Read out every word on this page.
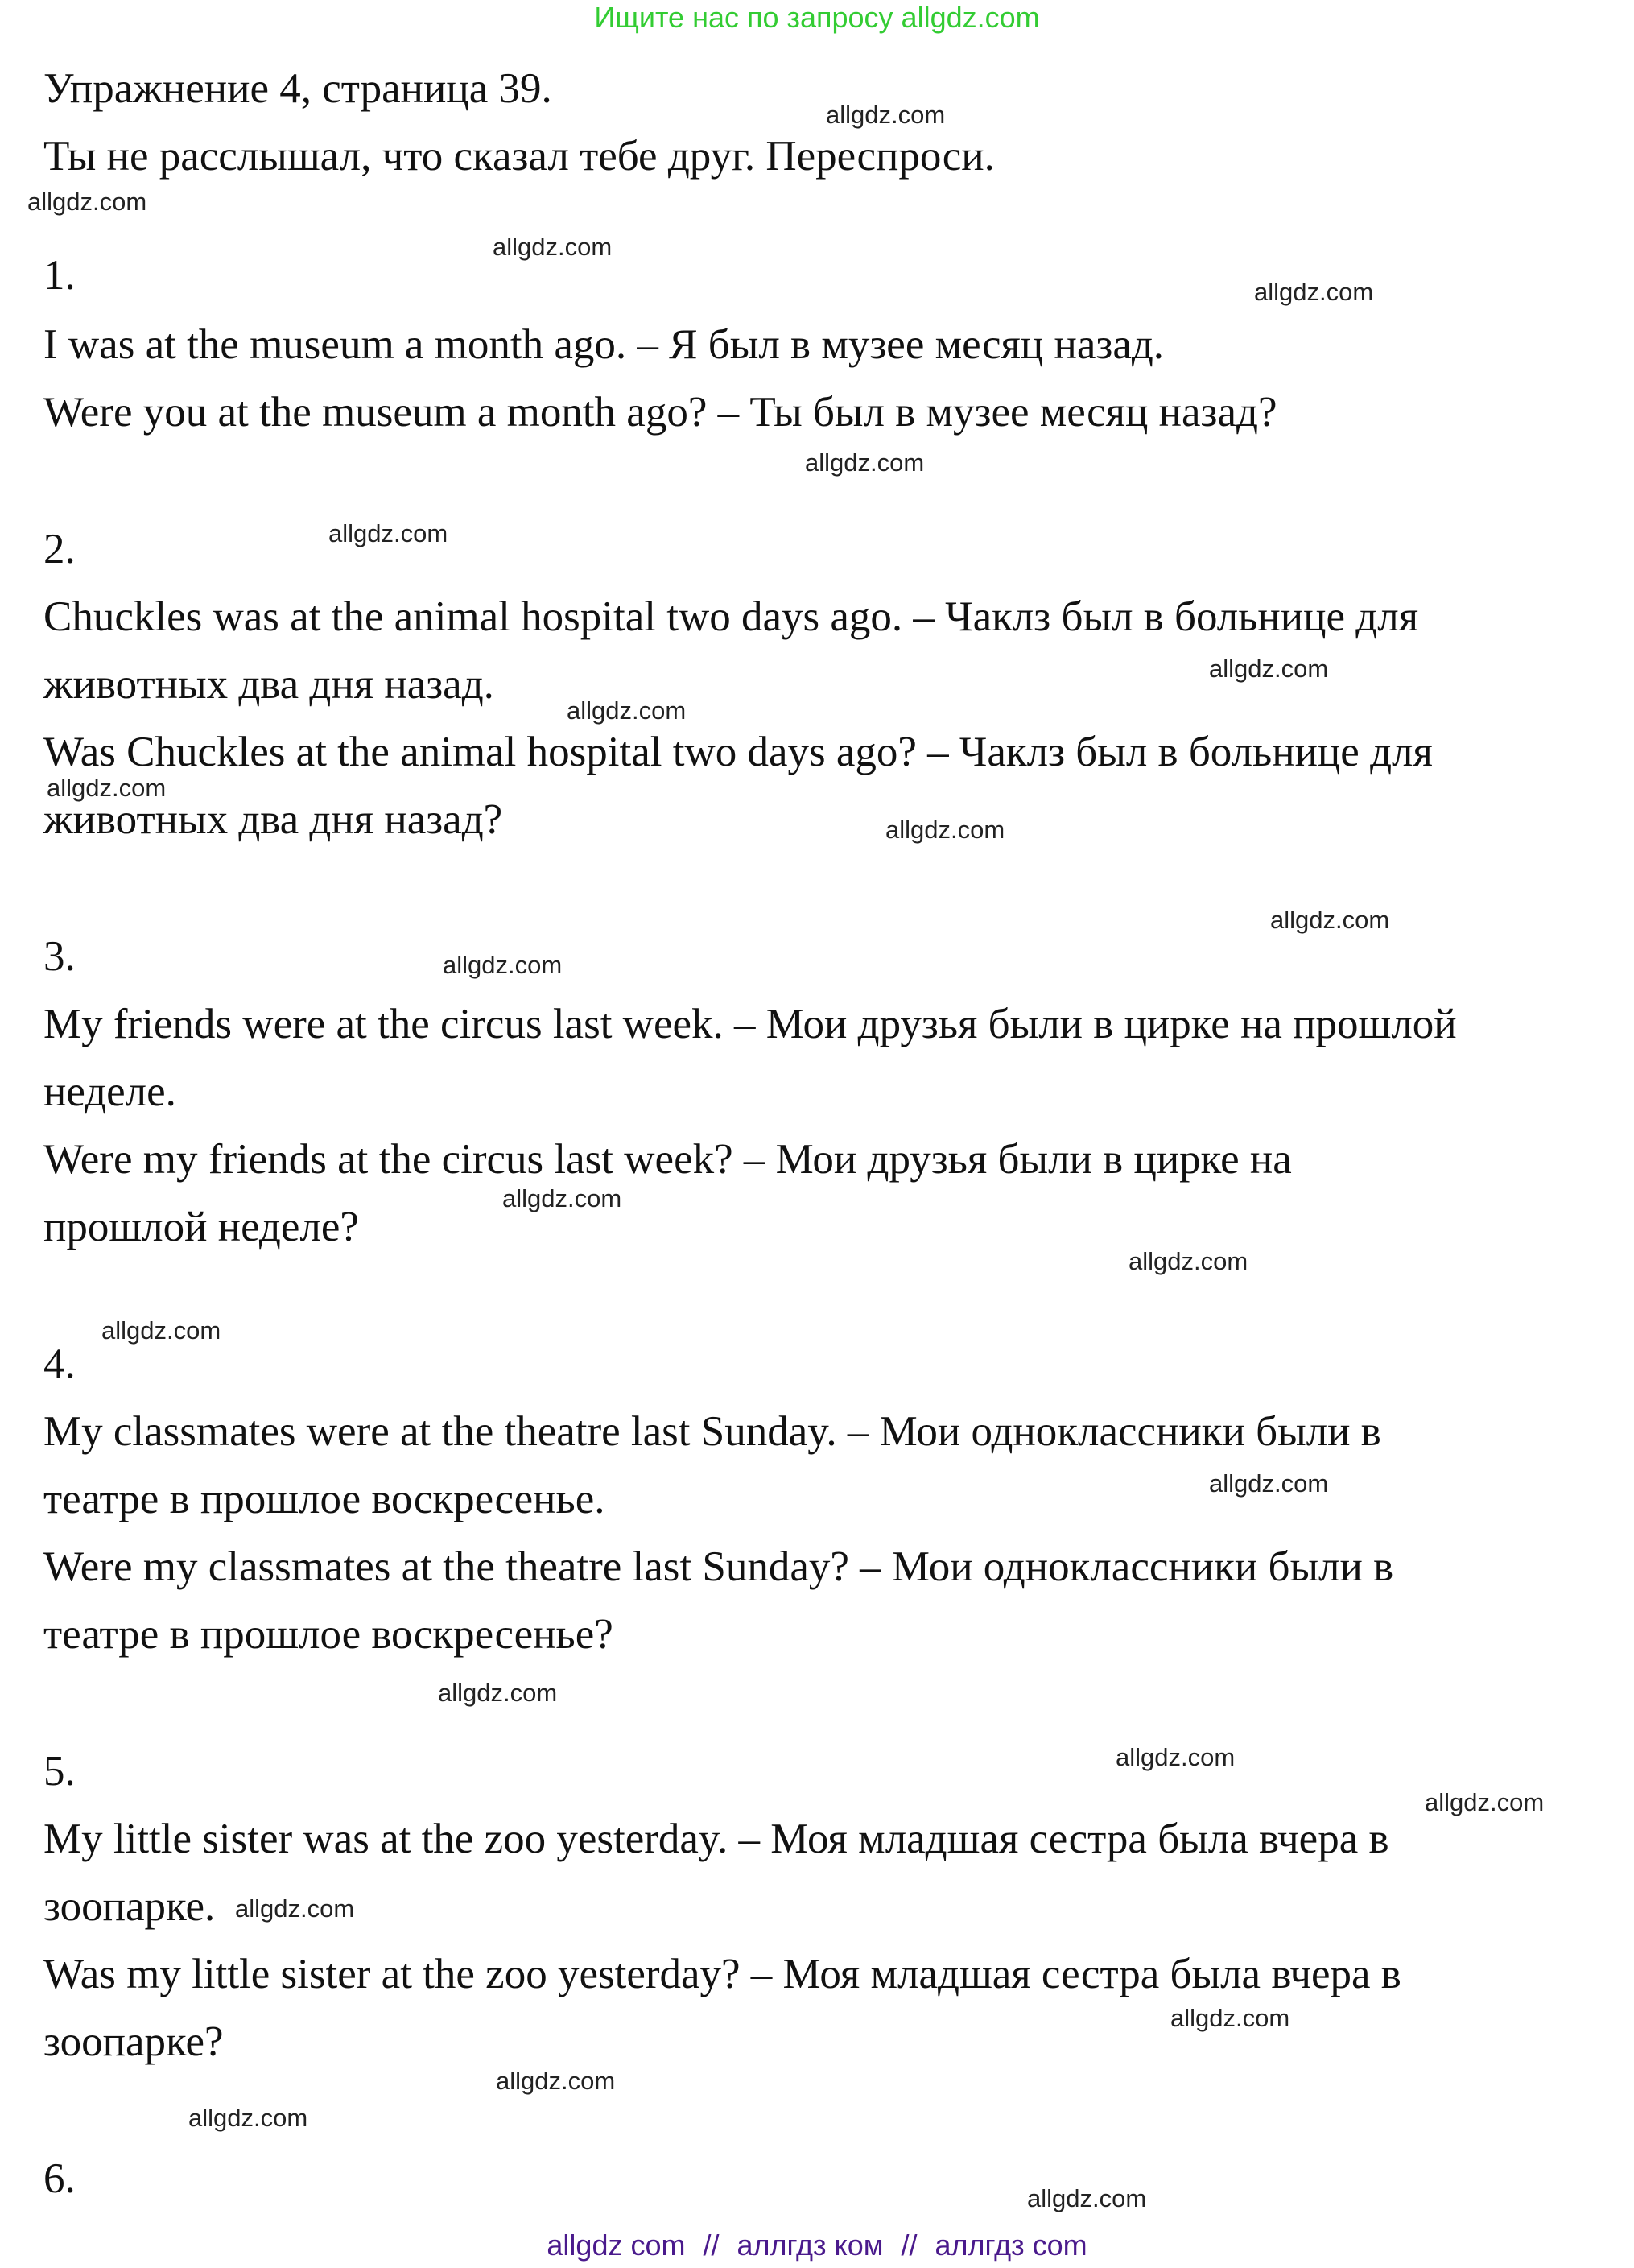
Ищите нас по запросу allgdz.com

Упражнение 4, страница 39.

Ты не расслышал, что сказал тебе друг. Переспроси.

1.

I was at the museum a month ago. – Я был в музее месяц назад.

Were you at the museum a month ago? – Ты был в музее месяц назад?

2.

Chuckles was at the animal hospital two days ago. – Чаклз был в больнице для

животных два дня назад.

Was Chuckles at the animal hospital two days ago? – Чаклз был в больнице для

животных два дня назад?

3.

My friends were at the circus last week. – Мои друзья были в цирке на прошлой

неделе.

Were my friends at the circus last week? – Мои друзья были в цирке на

прошлой неделе?

4.

My classmates were at the theatre last Sunday. – Мои одноклассники были в

театре в прошлое воскресенье.

Were my classmates at the theatre last Sunday? – Мои одноклассники были в

театре в прошлое воскресенье?

5.

My little sister was at the zoo yesterday. – Моя младшая сестра была вчера в

зоопарке.

Was my little sister at the zoo yesterday? – Моя младшая сестра была вчера в

зоопарке?

6.

allgdz.com
allgdz.com
allgdz.com
allgdz.com
allgdz.com
allgdz.com
allgdz.com
allgdz.com
allgdz.com
allgdz.com
allgdz.com
allgdz.com
allgdz.com
allgdz.com
allgdz.com
allgdz.com
allgdz.com
allgdz.com
allgdz.com
allgdz.com
allgdz.com
allgdz.com
allgdz.com
allgdz.com
allgdz com // аллгдз ком // аллгдз com
